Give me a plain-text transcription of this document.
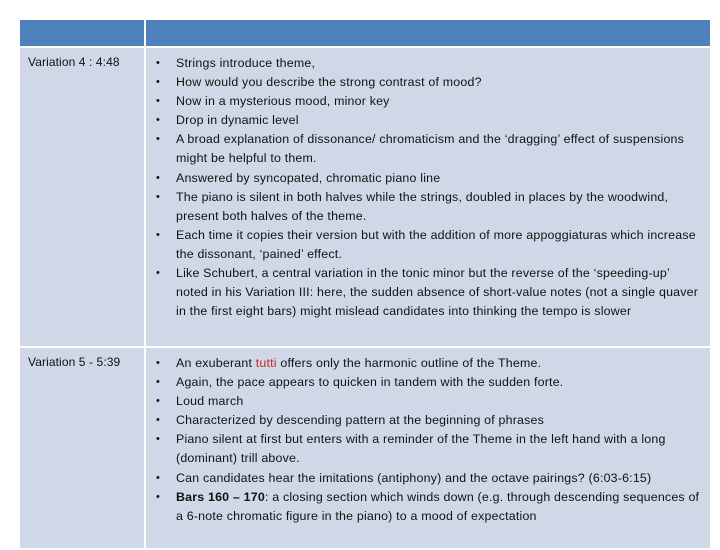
Variation 4 : 4:48	• Strings introduce theme,
• How would you describe the strong contrast of mood?
• Now in a mysterious mood, minor key
• Drop in dynamic level
• A broad explanation of dissonance/ chromaticism and the ‘dragging’ effect of suspensions might be helpful to them.
• Answered by syncopated, chromatic piano line
• The piano is silent in both halves while the strings, doubled in places by the woodwind, present both halves of the theme.
• Each time it copies their version but with the addition of more appoggiaturas which increase the dissonant, ‘pained’ effect.
• Like Schubert, a central variation in the tonic minor but the reverse of the ‘speeding-up’ noted in his Variation III: here, the sudden absence of short-value notes (not a single quaver in the first eight bars) might mislead candidates into thinking the tempo is slower
Variation 5 - 5:39	• An exuberant tutti offers only the harmonic outline of the Theme.
• Again, the pace appears to quicken in tandem with the sudden forte.
• Loud march
• Characterized by descending pattern at the beginning of phrases
• Piano silent at first but enters with a reminder of the Theme in the left hand with a long (dominant) trill above.
• Can candidates hear the imitations (antiphony) and the octave pairings? (6:03-6:15)
• Bars 160 – 170: a closing section which winds down (e.g. through descending sequences of a 6-note chromatic figure in the piano) to a mood of expectation
